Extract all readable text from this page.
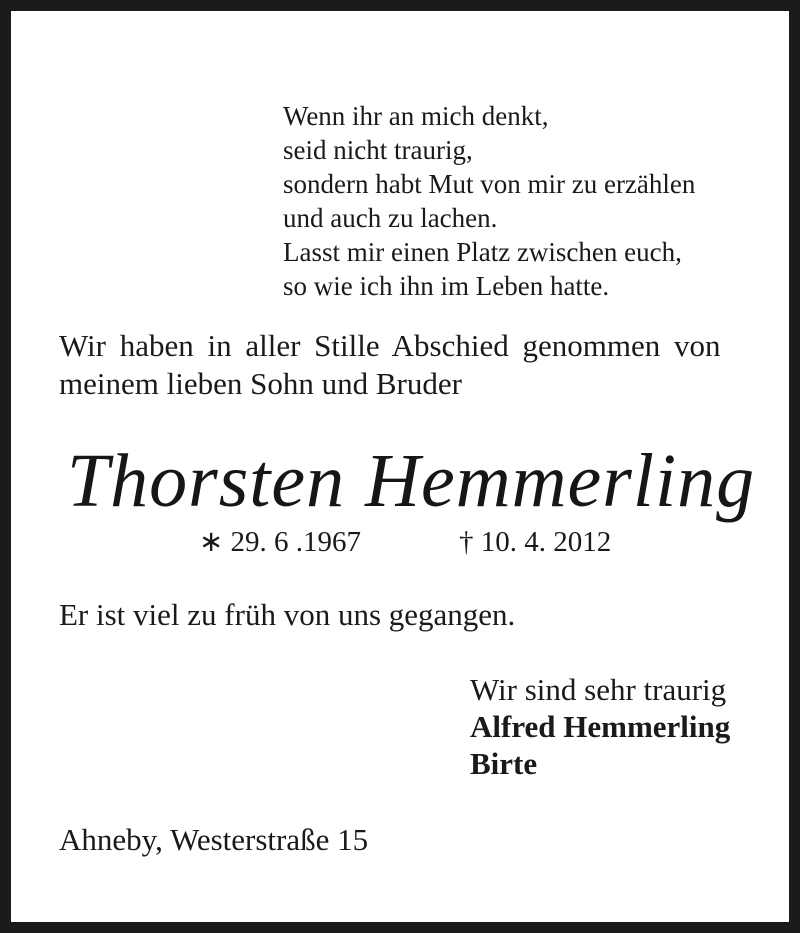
Wenn ihr an mich denkt,
seid nicht traurig,
sondern habt Mut von mir zu erzählen
und auch zu lachen.
Lasst mir einen Platz zwischen euch,
so wie ich ihn im Leben hatte.
Wir haben in aller Stille Abschied genommen von
meinem lieben Sohn und Bruder
Thorsten Hemmerling
∗ 29. 6 .1967	† 10. 4. 2012
Er ist viel zu früh von uns gegangen.
Wir sind sehr traurig
Alfred Hemmerling
Birte
Ahneby, Westerstraße 15
